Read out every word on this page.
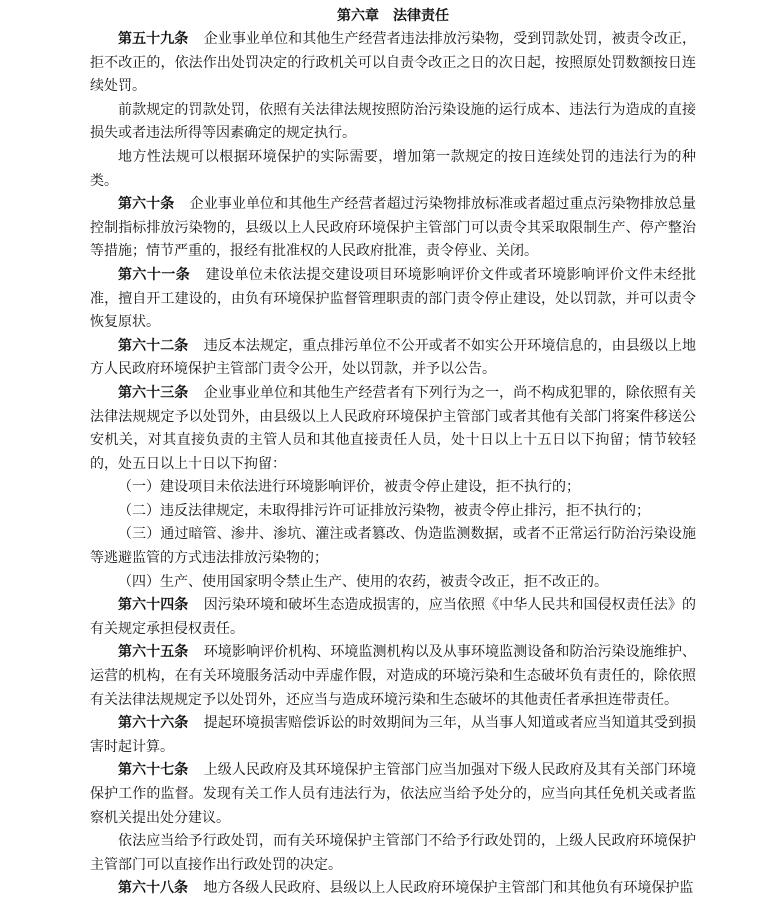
第六章　法律责任

第五十九条 企业事业单位和其他生产经营者违法排放污染物，受到罚款处罚，被责令改正，拒不改正的，依法作出处罚决定的行政机关可以自责令改正之日的次日起，按照原处罚数额按日连续处罚。

前款规定的罚款处罚，依照有关法律法规按照防治污染设施的运行成本、违法行为造成的直接损失或者违法所得等因素确定的规定执行。

地方性法规可以根据环境保护的实际需要，增加第一款规定的按日连续处罚的违法行为的种类。

第六十条 企业事业单位和其他生产经营者超过污染物排放标准或者超过重点污染物排放总量控制指标排放污染物的，县级以上人民政府环境保护主管部门可以责令其采取限制生产、停产整治等措施；情节严重的，报经有批准权的人民政府批准，责令停业、关闭。

第六十一条 建设单位未依法提交建设项目环境影响评价文件或者环境影响评价文件未经批准，擅自开工建设的，由负有环境保护监督管理职责的部门责令停止建设，处以罚款，并可以责令恢复原状。

第六十二条 违反本法规定，重点排污单位不公开或者不如实公开环境信息的，由县级以上地方人民政府环境保护主管部门责令公开，处以罚款，并予以公告。

第六十三条 企业事业单位和其他生产经营者有下列行为之一，尚不构成犯罪的，除依照有关法律法规规定予以处罚外，由县级以上人民政府环境保护主管部门或者其他有关部门将案件移送公安机关，对其直接负责的主管人员和其他直接责任人员，处十日以上十五日以下拘留；情节较轻的，处五日以上十日以下拘留：

（一）建设项目未依法进行环境影响评价，被责令停止建设，拒不执行的；

（二）违反法律规定，未取得排污许可证排放污染物，被责令停止排污，拒不执行的；

（三）通过暗管、渗井、渗坑、灌注或者篡改、伪造监测数据，或者不正常运行防治污染设施等逃避监管的方式违法排放污染物的；

（四）生产、使用国家明令禁止生产、使用的农药，被责令改正，拒不改正的。

第六十四条 因污染环境和破坏生态造成损害的，应当依照《中华人民共和国侵权责任法》的有关规定承担侵权责任。

第六十五条 环境影响评价机构、环境监测机构以及从事环境监测设备和防治污染设施维护、运营的机构，在有关环境服务活动中弄虚作假，对造成的环境污染和生态破坏负有责任的，除依照有关法律法规规定予以处罚外，还应当与造成环境污染和生态破坏的其他责任者承担连带责任。

第六十六条 提起环境损害赔偿诉讼的时效期间为三年，从当事人知道或者应当知道其受到损害时起计算。

第六十七条 上级人民政府及其环境保护主管部门应当加强对下级人民政府及其有关部门环境保护工作的监督。发现有关工作人员有违法行为，依法应当给予处分的，应当向其任免机关或者监察机关提出处分建议。

依法应当给予行政处罚，而有关环境保护主管部门不给予行政处罚的，上级人民政府环境保护主管部门可以直接作出行政处罚的决定。

第六十八条 地方各级人民政府、县级以上人民政府环境保护主管部门和其他负有环境保护监
